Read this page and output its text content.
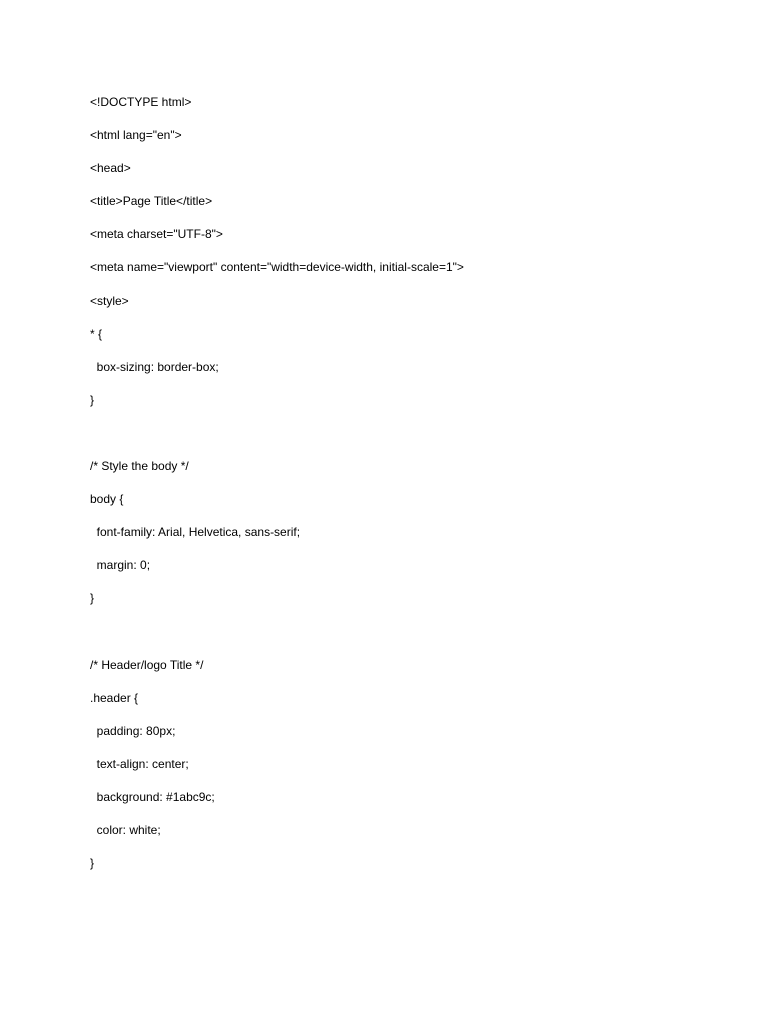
<!DOCTYPE html>

<html lang="en">

<head>

<title>Page Title</title>

<meta charset="UTF-8">

<meta name="viewport" content="width=device-width, initial-scale=1">

<style>

* {

box-sizing: border-box;

}

/* Style the body */

body {

font-family: Arial, Helvetica, sans-serif;

margin: 0;

}

/* Header/logo Title */

.header {

padding: 80px;

text-align: center;

background: #1abc9c;

color: white;

}
